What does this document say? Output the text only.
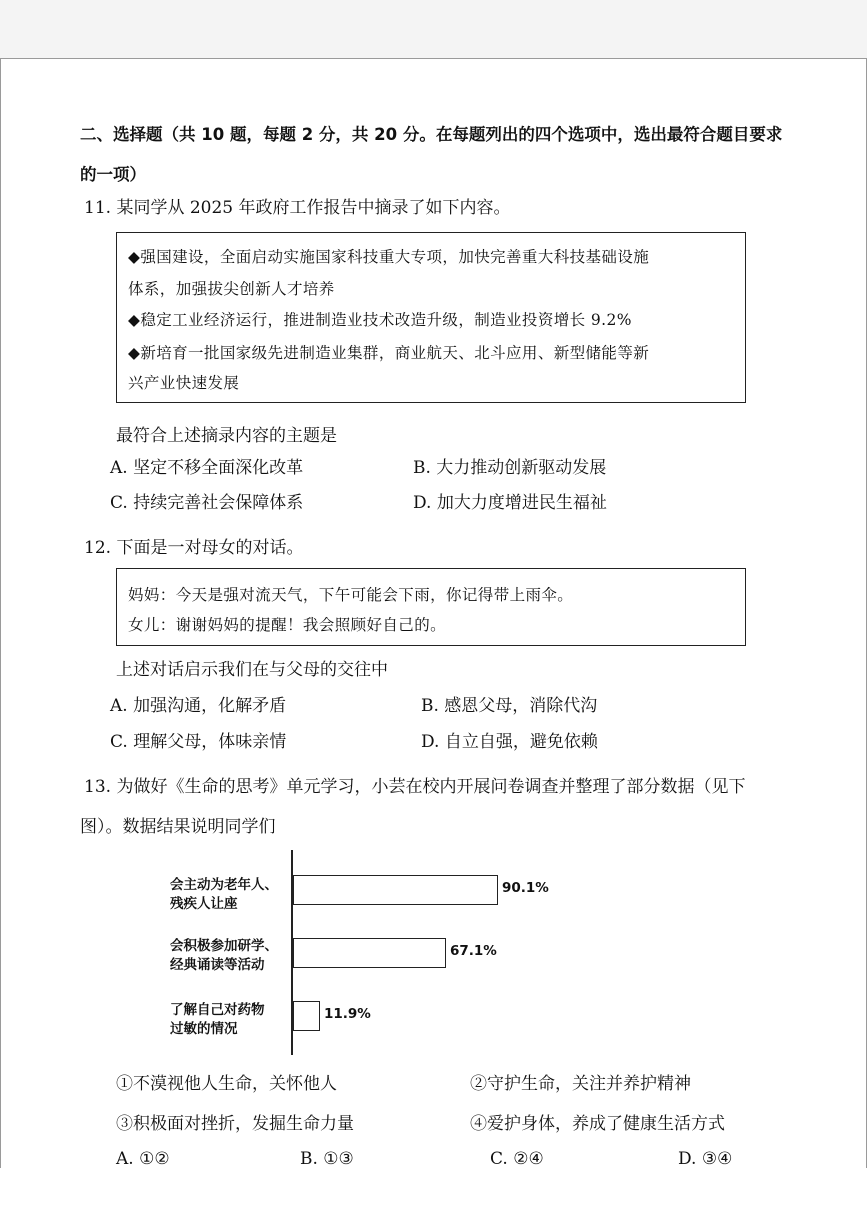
二、选择题（共 10 题，每题 2 分，共 20 分。在每题列出的四个选项中，选出最符合题目要求
的一项）
11. 某同学从 2025 年政府工作报告中摘录了如下内容。
◆强国建设，全面启动实施国家科技重大专项，加快完善重大科技基础设施
体系，加强拔尖创新人才培养
◆稳定工业经济运行，推进制造业技术改造升级，制造业投资增长 9.2%
◆新培育一批国家级先进制造业集群，商业航天、北斗应用、新型储能等新
兴产业快速发展
最符合上述摘录内容的主题是
A. 坚定不移全面深化改革	B. 大力推动创新驱动发展
C. 持续完善社会保障体系	D. 加大力度增进民生福祉
12. 下面是一对母女的对话。
妈妈：今天是强对流天气，下午可能会下雨，你记得带上雨伞。
女儿：谢谢妈妈的提醒！我会照顾好自己的。
上述对话启示我们在与父母的交往中
A. 加强沟通，化解矛盾	B. 感恩父母，消除代沟
C. 理解父母，体味亲情	D. 自立自强，避免依赖
13. 为做好《生命的思考》单元学习，小芸在校内开展问卷调查并整理了部分数据（见下
图）。数据结果说明同学们
会主动为老年人、
残疾人让座
会积极参加研学、
经典诵读等活动
了解自己对药物
过敏的情况
90.1%
67.1%
11.9%
①不漠视他人生命，关怀他人	②守护生命，关注并养护精神
③积极面对挫折，发掘生命力量	④爱护身体，养成了健康生活方式
A. ①②	B. ①③	C. ②④	D. ③④
